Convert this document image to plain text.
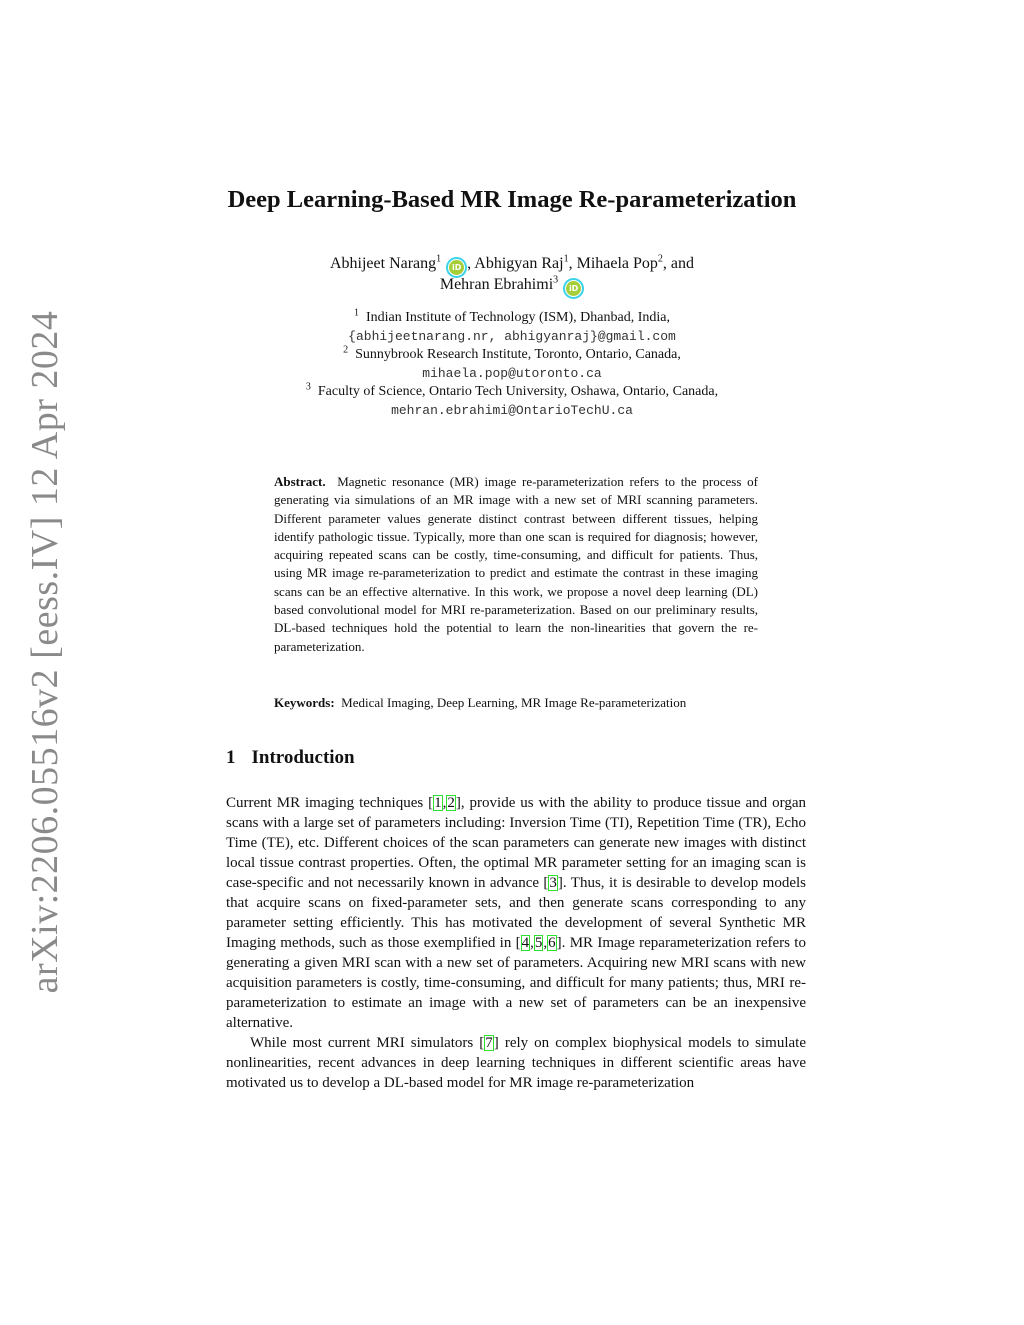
arXiv:2206.05516v2 [eess.IV] 12 Apr 2024
Deep Learning-Based MR Image Re-parameterization
Abhijeet Narang$^1$iD , Abhigyan Raj$^1$, Mihaela Pop$^2$, and
Mehran Ebrahimi$^3$iD
$^1$ Indian Institute of Technology (ISM), Dhanbad, India,
{abhijeetnarang.nr, abhigyanraj}@gmail.com
$^2$ Sunnybrook Research Institute, Toronto, Ontario, Canada,
mihaela.pop@utoronto.ca
$^3$ Faculty of Science, Ontario Tech University, Oshawa, Ontario, Canada,
mehran.ebrahimi@OntarioTechU.ca
Abstract. Magnetic resonance (MR) image re-parameterization refers to the process of generating via simulations of an MR image with a new set of MRI scanning parameters. Different parameter values generate distinct contrast between different tissues, helping identify pathologic tissue. Typically, more than one scan is required for diagnosis; however, acquiring repeated scans can be costly, time-consuming, and difficult for patients. Thus, using MR image re-parameterization to predict and estimate the contrast in these imaging scans can be an effective alternative. In this work, we propose a novel deep learning (DL) based convolutional model for MRI re-parameterization. Based on our preliminary results, DL-based techniques hold the potential to learn the non-linearities that govern the re-parameterization.
Keywords: Medical Imaging, Deep Learning, MR Image Re-parameterization
1 Introduction

Current MR imaging techniques [1,2], provide us with the ability to produce tissue and organ scans with a large set of parameters including: Inversion Time (TI), Repetition Time (TR), Echo Time (TE), etc. Different choices of the scan parameters can generate new images with distinct local tissue contrast properties. Often, the optimal MR parameter setting for an imaging scan is case-specific and not necessarily known in advance [3]. Thus, it is desirable to develop models that acquire scans on fixed-parameter sets, and then generate scans corresponding to any parameter setting efficiently. This has motivated the development of several Synthetic MR Imaging methods, such as those exemplified in [4,5,6]. MR Image reparameterization refers to generating a given MRI scan with a new set of parameters. Acquiring new MRI scans with new acquisition parameters is costly, time-consuming, and difficult for many patients; thus, MRI re-parameterization to estimate an image with a new set of parameters can be an inexpensive alternative.

While most current MRI simulators [7] rely on complex biophysical models to simulate nonlinearities, recent advances in deep learning techniques in different scientific areas have motivated us to develop a DL-based model for MR image re-parameterization
